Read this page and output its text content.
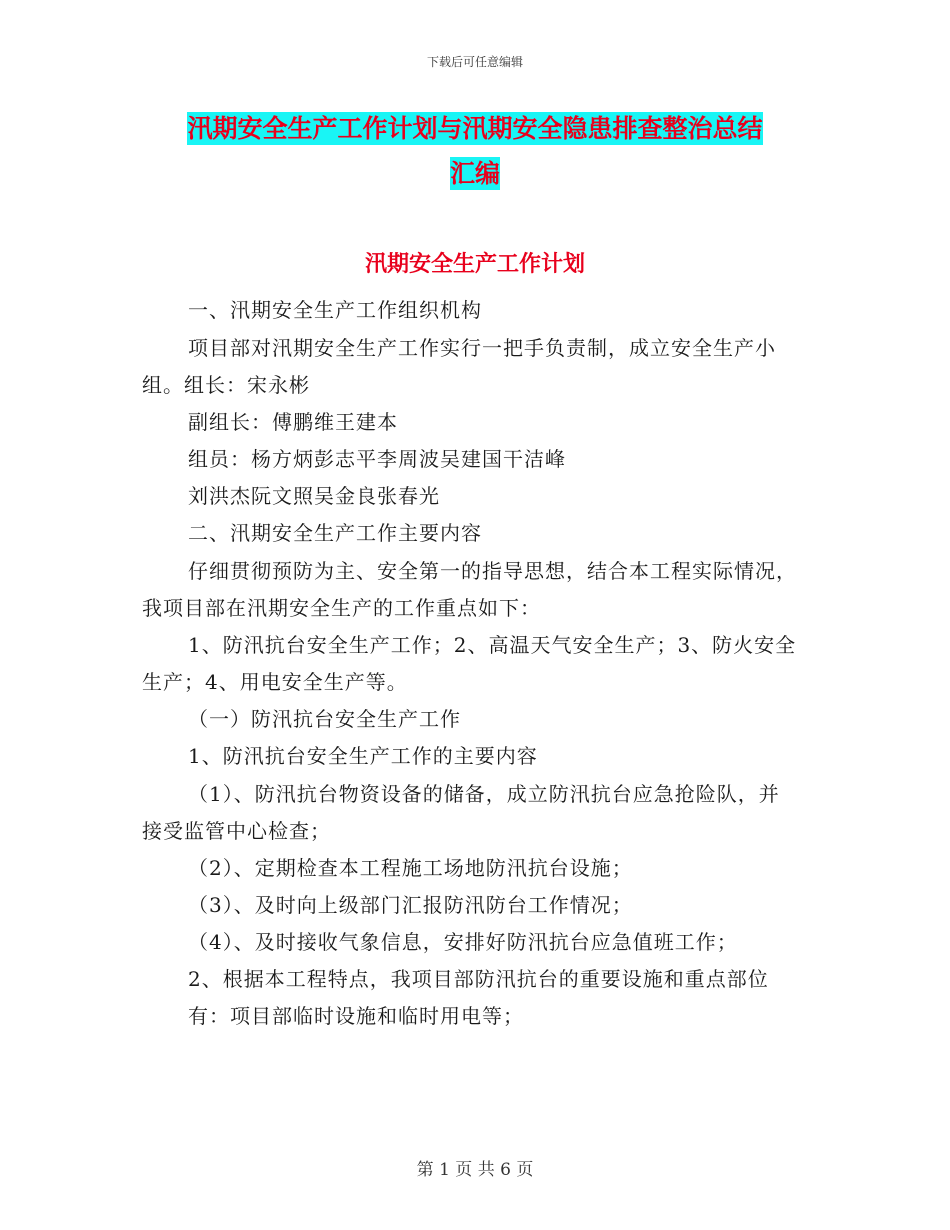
下载后可任意编辑
汛期安全生产工作计划与汛期安全隐患排查整治总结
汇编
汛期安全生产工作计划
一、汛期安全生产工作组织机构
项目部对汛期安全生产工作实行一把手负责制，成立安全生产小
组。组长：宋永彬
副组长：傅鹏维王建本
组员：杨方炳彭志平李周波吴建国干洁峰
刘洪杰阮文照吴金良张春光
二、汛期安全生产工作主要内容
仔细贯彻预防为主、安全第一的指导思想，结合本工程实际情况，
我项目部在汛期安全生产的工作重点如下：
1、防汛抗台安全生产工作；2、高温天气安全生产；3、防火安全
生产；4、用电安全生产等。
（一）防汛抗台安全生产工作
1、防汛抗台安全生产工作的主要内容
（1）、防汛抗台物资设备的储备，成立防汛抗台应急抢险队，并
接受监管中心检查；
（2）、定期检查本工程施工场地防汛抗台设施；
（3）、及时向上级部门汇报防汛防台工作情况；
（4）、及时接收气象信息，安排好防汛抗台应急值班工作；
2、根据本工程特点，我项目部防汛抗台的重要设施和重点部位
有：项目部临时设施和临时用电等；
第 1 页 共 6 页
